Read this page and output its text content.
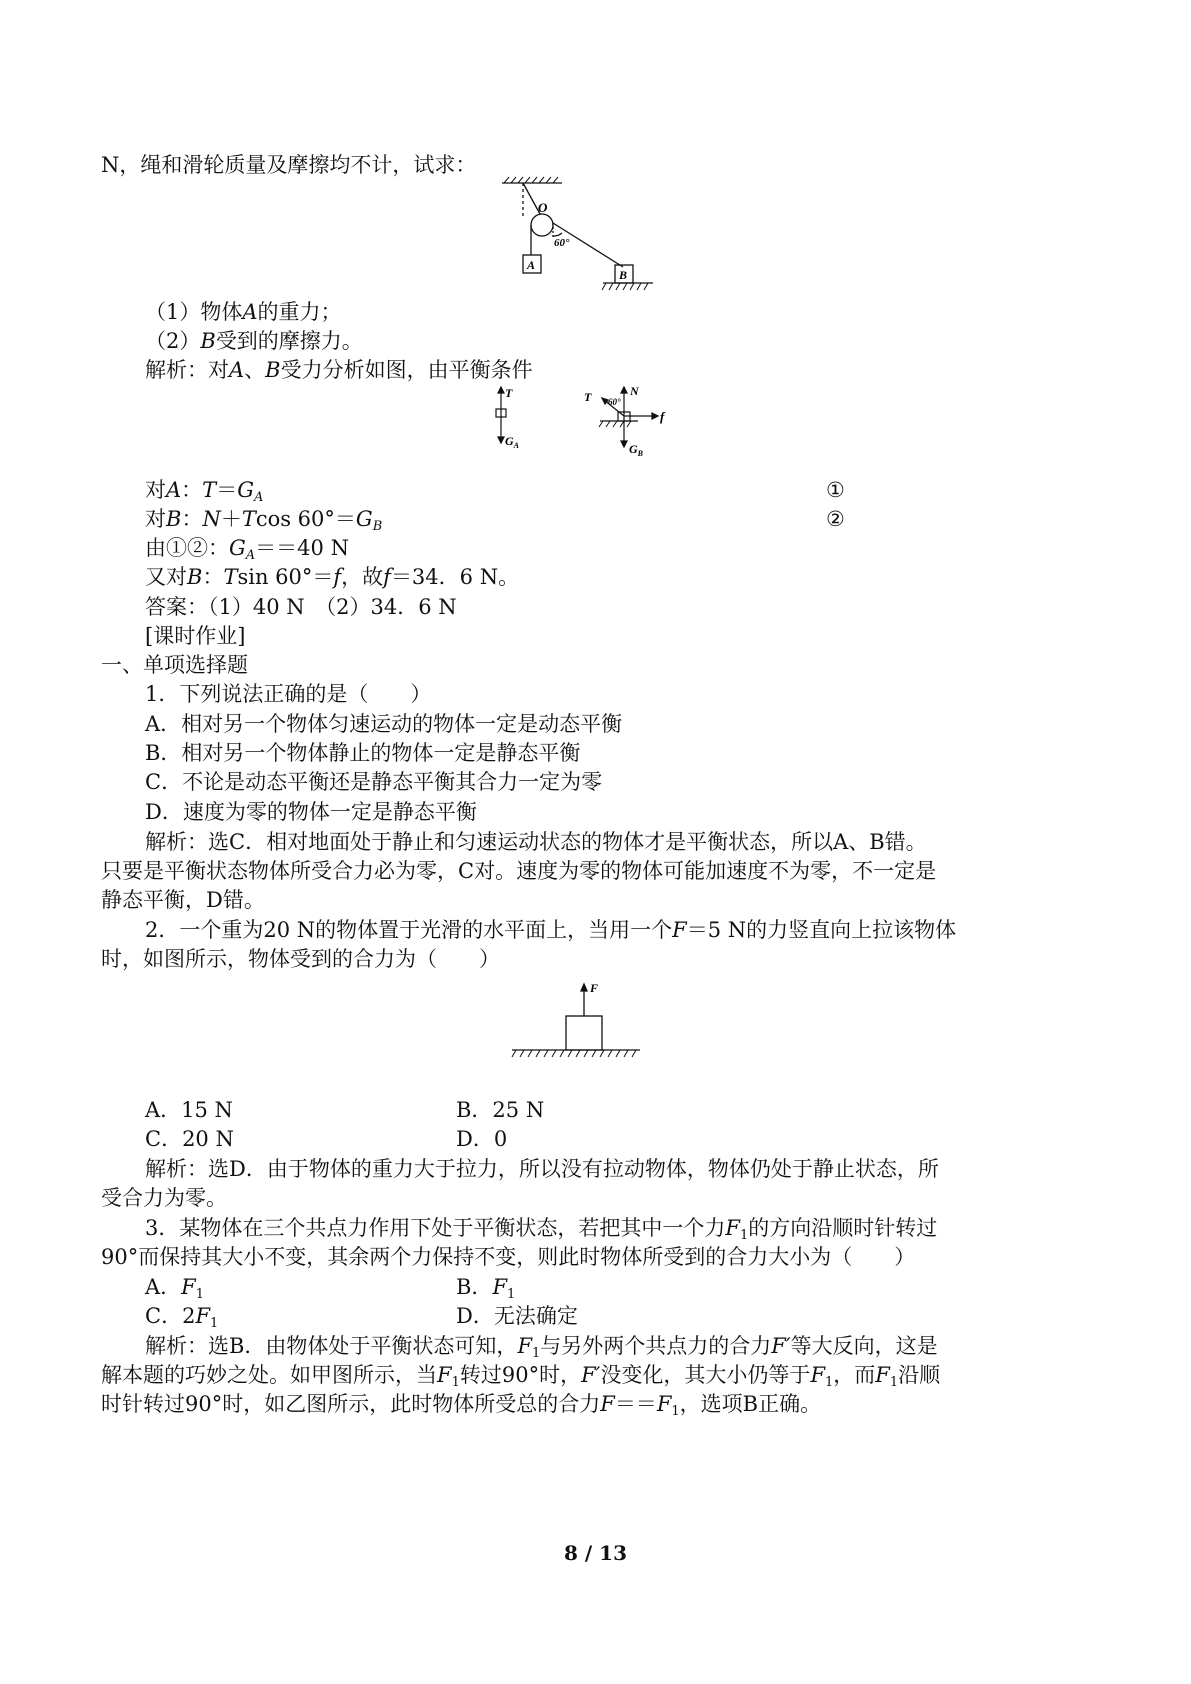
N，绳和滑轮质量及摩擦均不计，试求：
O
60°
A
B
（1）物体A的重力；
（2）B受到的摩擦力。
解析：对A、B受力分析如图，由平衡条件
T
$G_A$
T 60°
N
f
$G_B$
对A：$T=G_A$	①
对B：N＋Tcos $60^\circ=G_B$	②
由①②：$G_A==40$ N
又对B：Tsin 60°＝f，故f＝34．6 N。
答案：（1）40 N　（2）34．6 N
[课时作业]
一、单项选择题
1．下列说法正确的是（　　）
A．相对另一个物体匀速运动的物体一定是动态平衡
B．相对另一个物体静止的物体一定是静态平衡
C．不论是动态平衡还是静态平衡其合力一定为零
D．速度为零的物体一定是静态平衡
解析：选C．相对地面处于静止和匀速运动状态的物体才是平衡状态，所以A、B错。
只要是平衡状态物体所受合力必为零，C对。速度为零的物体可能加速度不为零，不一定是
静态平衡，D错。
2．一个重为20 N的物体置于光滑的水平面上，当用一个F＝5 N的力竖直向上拉该物体
时，如图所示，物体受到的合力为（　　）
F
A．15 N	B．25 N
C．20 N	D．0
解析：选D．由于物体的重力大于拉力，所以没有拉动物体，物体仍处于静止状态，所
受合力为零。
3．某物体在三个共点力作用下处于平衡状态，若把其中一个力$F_1$的方向沿顺时针转过
90°而保持其大小不变，其余两个力保持不变，则此时物体所受到的合力大小为（　　）
A．$F_1$	B．$F_1$
C．$2F_1$	D．无法确定
解析：选B．由物体处于平衡状态可知，$F_1$与另外两个共点力的合力F′等大反向，这是
解本题的巧妙之处。如甲图所示，当$F_1$转过90°时，F′没变化，其大小仍等于$F_1$，而$F_1$沿顺
时针转过90°时，如乙图所示，此时物体所受总的合力$F==F_1$，选项B正确。
8 / 13
